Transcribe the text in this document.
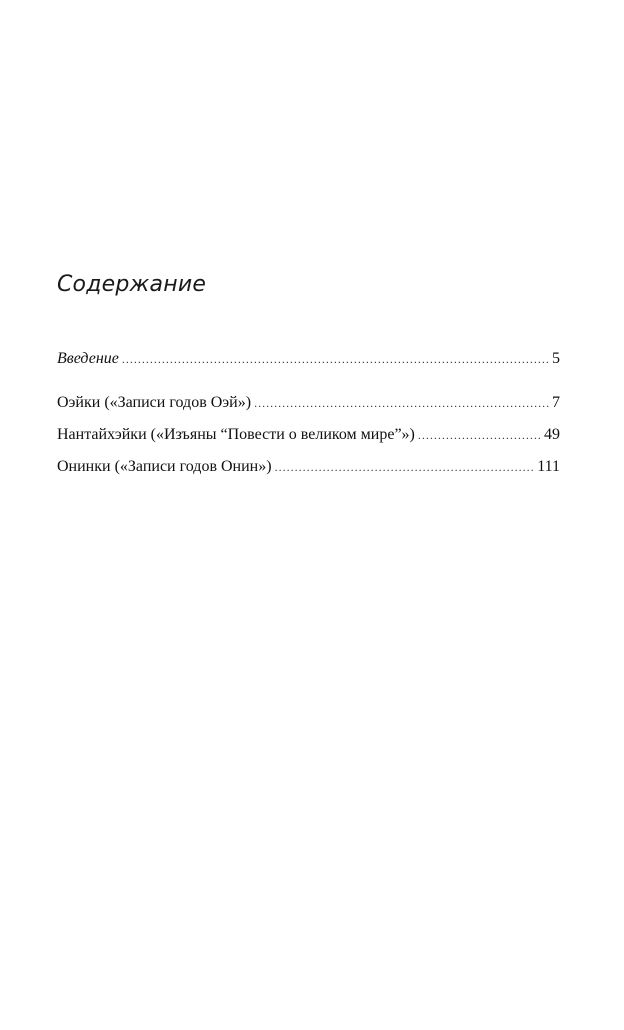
Содержание
Введение .....	5
Оэйки («Записи годов Оэй») .....	7
Нантайхэйки («Изъяны “Повести о великом мире”») .....	49
Онинки («Записи годов Онин») .....	111
